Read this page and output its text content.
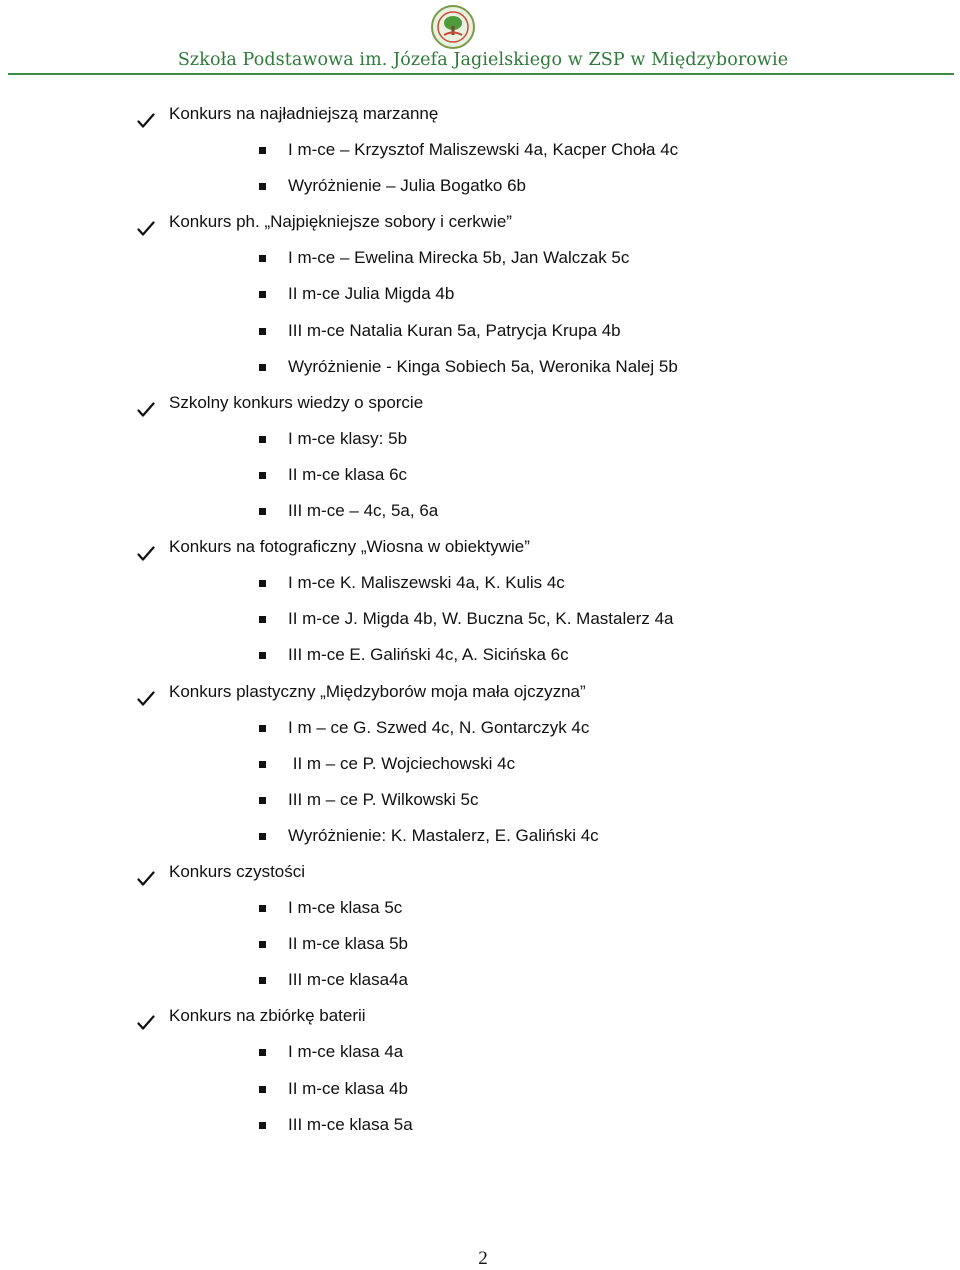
Szkoła Podstawowa im. Józefa Jagielskiego w ZSP w Międzyborowie
Konkurs na najładniejszą marzannę
I m-ce – Krzysztof Maliszewski 4a, Kacper Choła 4c
Wyróżnienie – Julia Bogatko 6b
Konkurs ph. „Najpiękniejsze sobory i cerkwie”
I m-ce – Ewelina Mirecka 5b, Jan Walczak 5c
II m-ce Julia Migda 4b
III m-ce Natalia Kuran 5a, Patrycja Krupa 4b
Wyróżnienie - Kinga Sobiech 5a, Weronika Nalej 5b
Szkolny konkurs wiedzy o sporcie
I m-ce klasy: 5b
II m-ce klasa 6c
III m-ce – 4c, 5a, 6a
Konkurs na fotograficzny „Wiosna w obiektywie”
I m-ce K. Maliszewski 4a, K. Kulis 4c
II m-ce J. Migda 4b, W. Buczna 5c, K. Mastalerz 4a
III m-ce E. Galiński 4c, A. Sicińska 6c
Konkurs plastyczny „Międzyborów moja mała ojczyzna”
I m – ce G. Szwed 4c, N. Gontarczyk 4c
II m – ce P. Wojciechowski 4c
III m – ce P. Wilkowski 5c
Wyróżnienie: K. Mastalerz, E. Galiński 4c
Konkurs czystości
I m-ce klasa 5c
II m-ce klasa 5b
III m-ce klasa4a
Konkurs na zbiórkę baterii
I m-ce klasa 4a
II m-ce klasa 4b
III m-ce klasa 5a
2
